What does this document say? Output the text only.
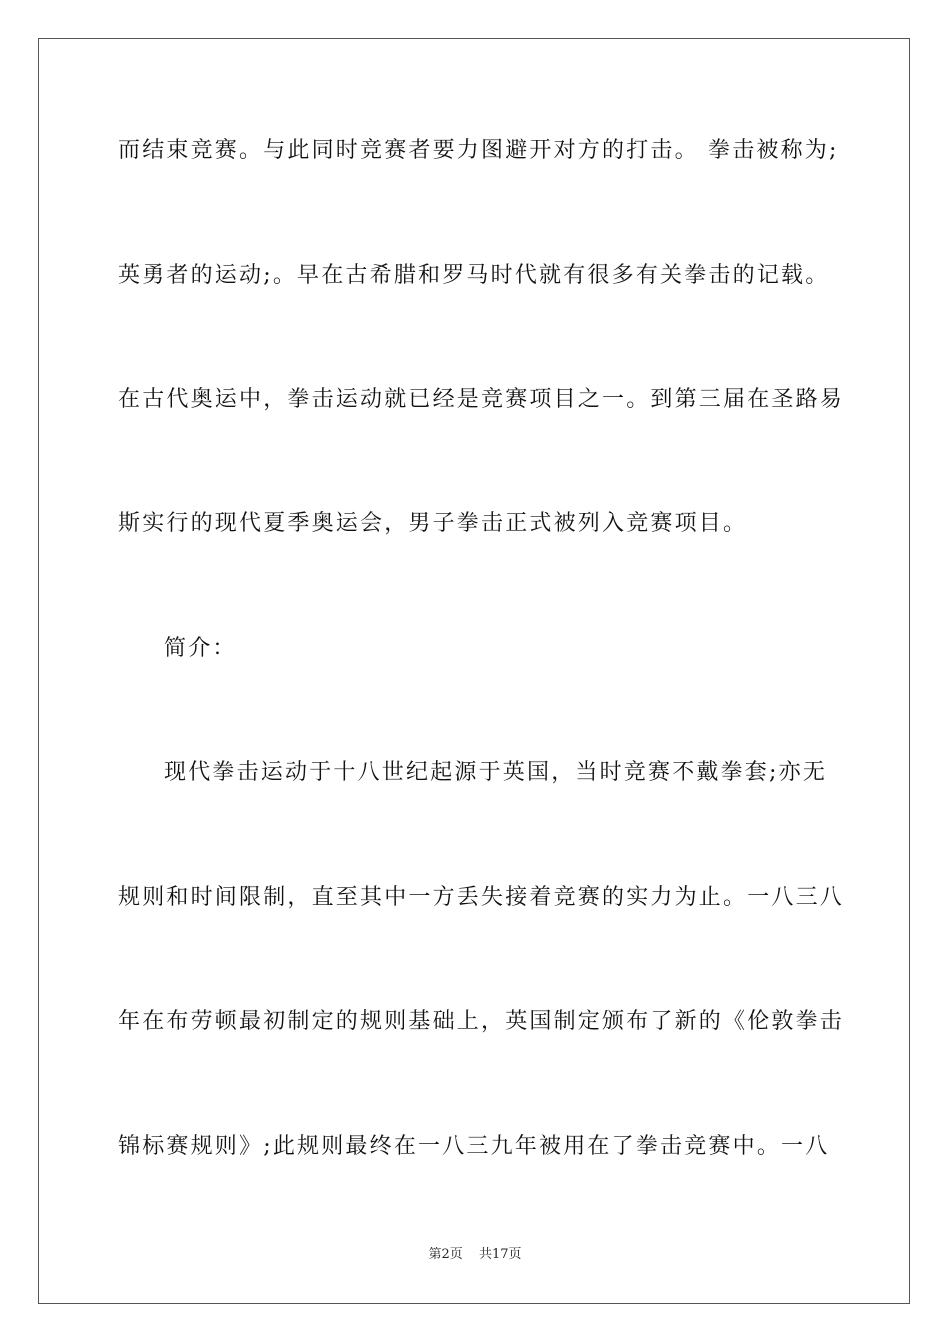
而结束竞赛。与此同时竞赛者要力图避开对方的打击。 拳击被称为;
英勇者的运动;。早在古希腊和罗马时代就有很多有关拳击的记载。
在古代奥运中，拳击运动就已经是竞赛项目之一。到第三届在圣路易
斯实行的现代夏季奥运会，男子拳击正式被列入竞赛项目。
简介：
现代拳击运动于十八世纪起源于英国，当时竞赛不戴拳套;亦无
规则和时间限制，直至其中一方丢失接着竞赛的实力为止。一八三八
年在布劳顿最初制定的规则基础上，英国制定颁布了新的《伦敦拳击
锦标赛规则》;此规则最终在一八三九年被用在了拳击竞赛中。一八
第2页 共17页
